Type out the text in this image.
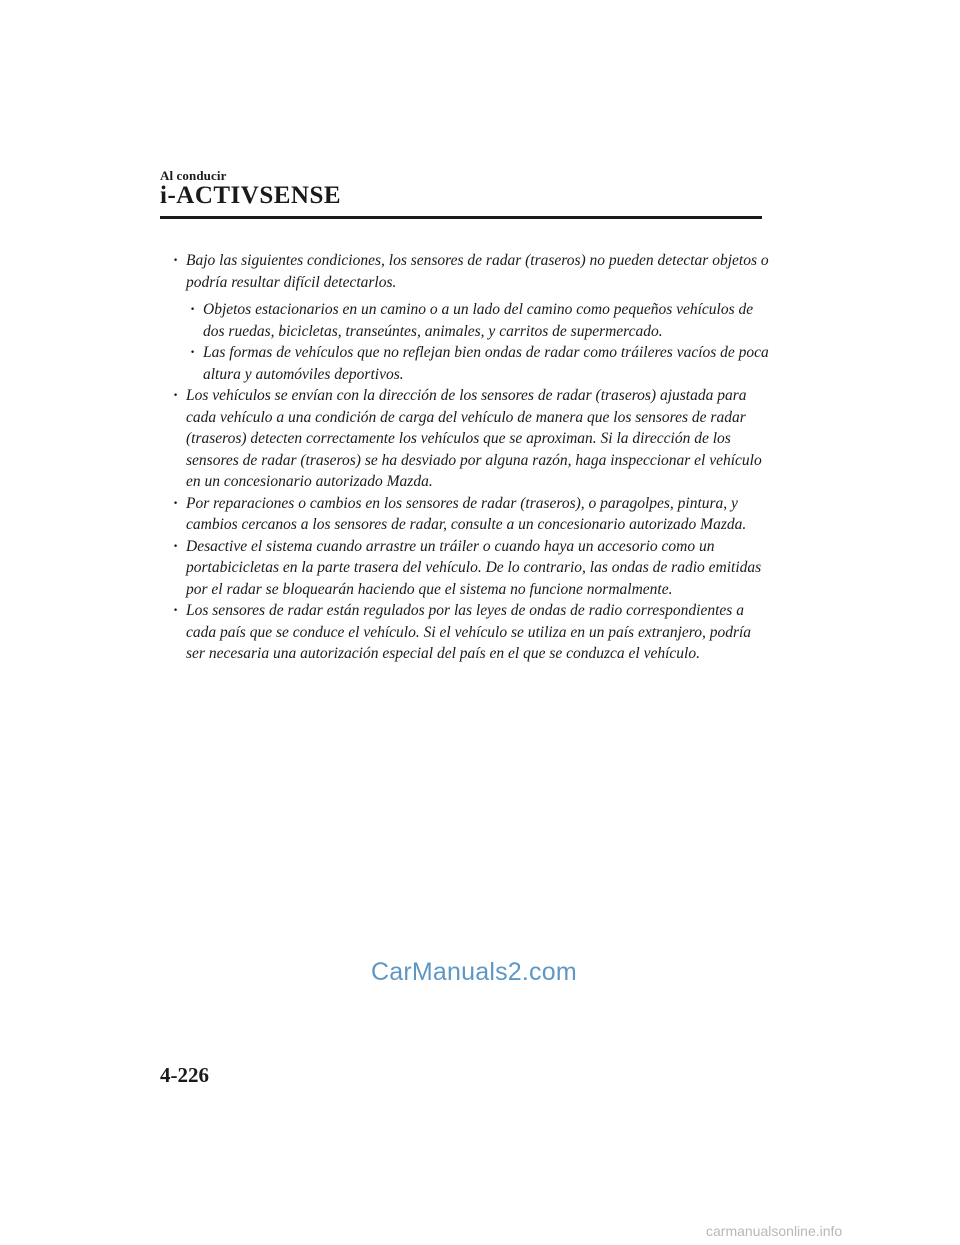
Al conducir
i-ACTIVSENSE
· Bajo las siguientes condiciones, los sensores de radar (traseros) no pueden detectar objetos o podría resultar difícil detectarlos.
· Objetos estacionarios en un camino o a un lado del camino como pequeños vehículos de dos ruedas, bicicletas, transeúntes, animales, y carritos de supermercado.
· Las formas de vehículos que no reflejan bien ondas de radar como tráileres vacíos de poca altura y automóviles deportivos.
· Los vehículos se envían con la dirección de los sensores de radar (traseros) ajustada para cada vehículo a una condición de carga del vehículo de manera que los sensores de radar (traseros) detecten correctamente los vehículos que se aproximan. Si la dirección de los sensores de radar (traseros) se ha desviado por alguna razón, haga inspeccionar el vehículo en un concesionario autorizado Mazda.
· Por reparaciones o cambios en los sensores de radar (traseros), o paragolpes, pintura, y cambios cercanos a los sensores de radar, consulte a un concesionario autorizado Mazda.
· Desactive el sistema cuando arrastre un tráiler o cuando haya un accesorio como un portabicicletas en la parte trasera del vehículo. De lo contrario, las ondas de radio emitidas por el radar se bloquearán haciendo que el sistema no funcione normalmente.
· Los sensores de radar están regulados por las leyes de ondas de radio correspondientes a cada país que se conduce el vehículo. Si el vehículo se utiliza en un país extranjero, podría ser necesaria una autorización especial del país en el que se conduzca el vehículo.
CarManuals2.com
4-226
carmanualsonline.info
